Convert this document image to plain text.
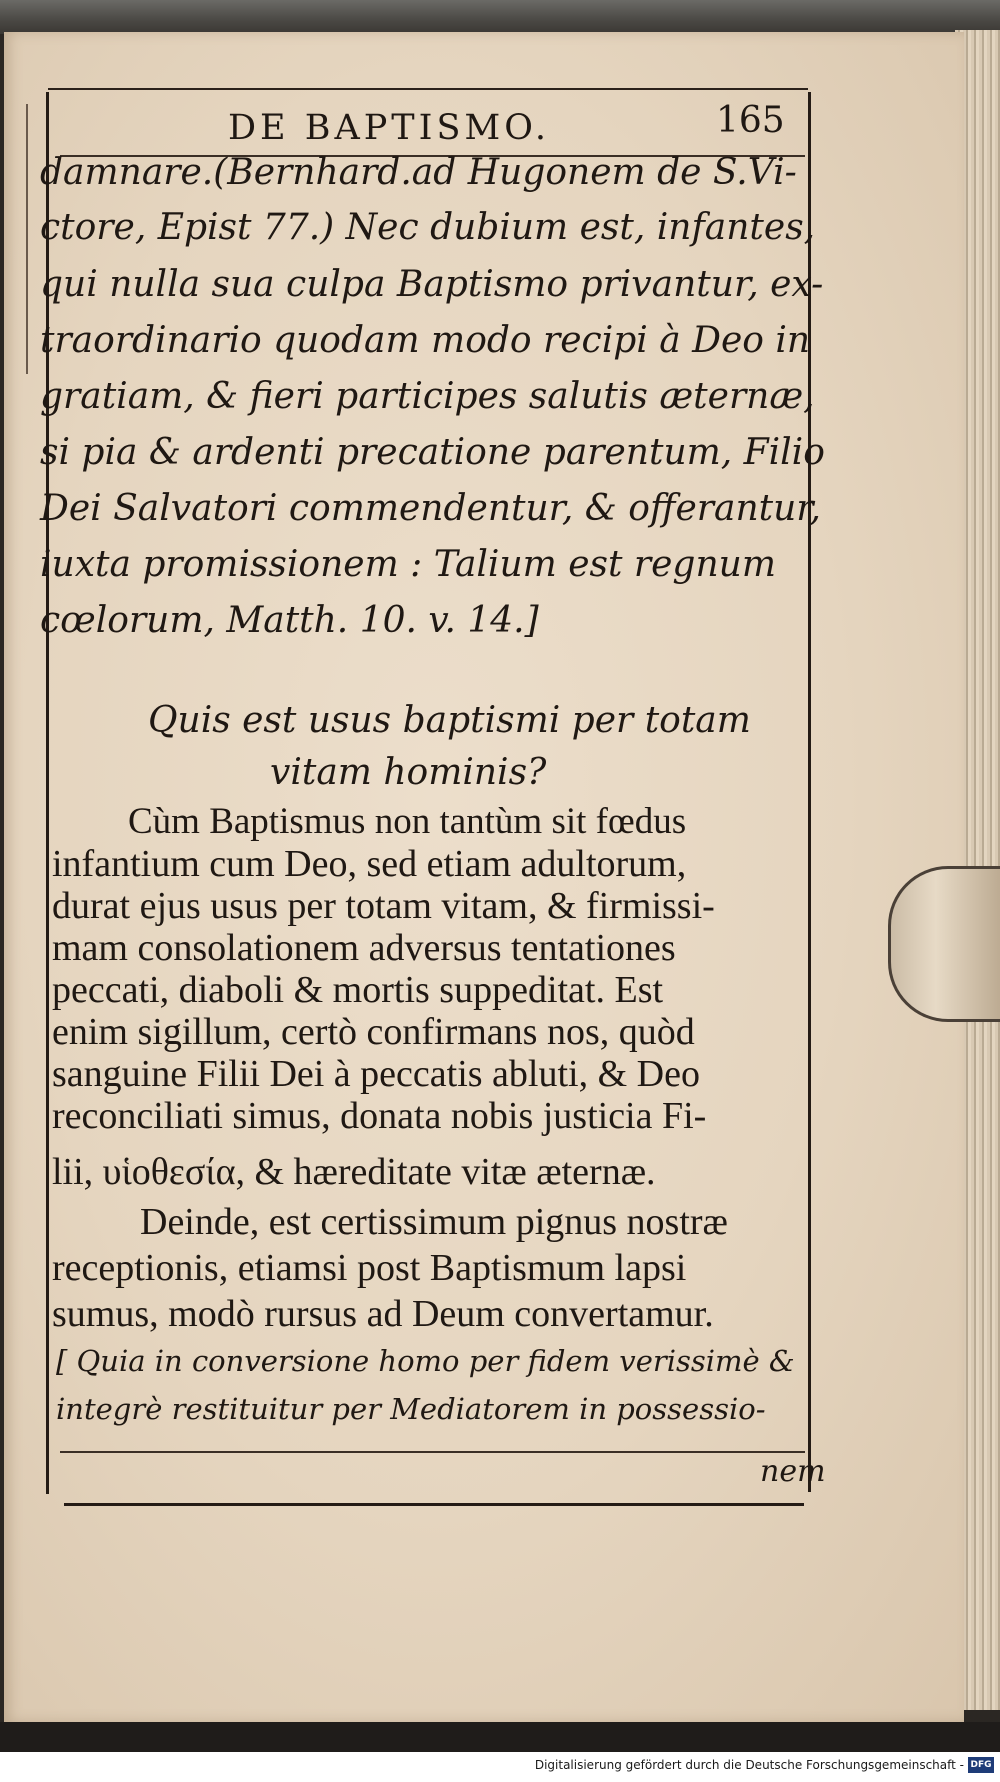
DE BAPTISMO.	165
damnare.(Bernhard.ad Hugonem de S.Vi-
ctore, Epist 77.) Nec dubium est, infantes,
qui nulla sua culpa Baptismo privantur, ex-
traordinario quodam modo recipi à Deo in
gratiam, & fieri participes salutis æternæ,
si pia & ardenti precatione parentum, Filio
Dei Salvatori commendentur, & offerantur,
iuxta promissionem : Talium est regnum
cœlorum, Matth. 10. v. 14.]
Quis est usus baptismi per totam
vitam hominis?
Cùm Baptismus non tantùm sit fœdus
infantium cum Deo, sed etiam adultorum,
durat ejus usus per totam vitam, & firmissi-
mam consolationem adversus tentationes
peccati, diaboli & mortis suppeditat. Est
enim sigillum, certò confirmans nos, quòd
sanguine Filii Dei à peccatis abluti, & Deo
reconciliati simus, donata nobis justicia Fi-
lii, υἱοθεσία, & hæreditate vitæ æternæ.
Deinde, est certissimum pignus nostræ
receptionis, etiamsi post Baptismum lapsi
sumus, modò rursus ad Deum convertamur.
[ Quia in conversione homo per fidem verissimè &
integrè restituitur per Mediatorem in possessio-
nem
Digitalisierung gefördert durch die Deutsche Forschungsgemeinschaft - DFG
